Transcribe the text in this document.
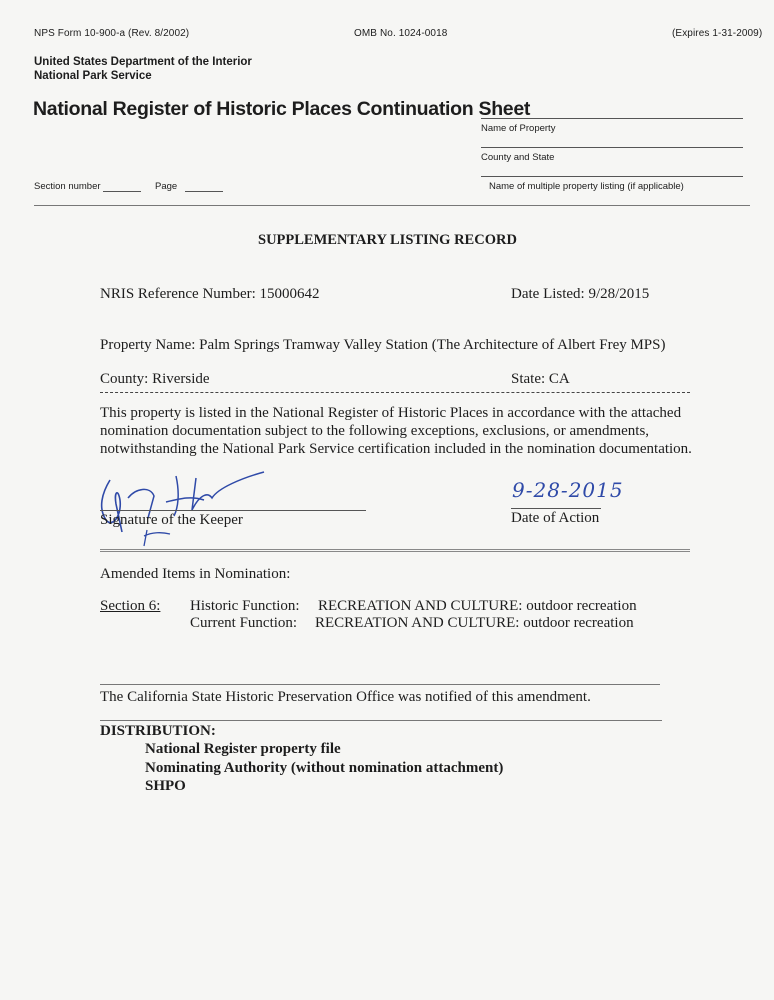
NPS Form 10-900-a (Rev. 8/2002)	OMB No. 1024-0018	(Expires 1-31-2009)
United States Department of the Interior
National Park Service
National Register of Historic Places Continuation Sheet
Name of Property
County and State
Name of multiple property listing (if applicable)
Section number	Page
SUPPLEMENTARY LISTING RECORD
NRIS Reference Number: 15000642	Date Listed: 9/28/2015
Property Name: Palm Springs Tramway Valley Station (The Architecture of Albert Frey MPS)
County: Riverside	State: CA
This property is listed in the National Register of Historic Places in accordance with the attached nomination documentation subject to the following exceptions, exclusions, or amendments, notwithstanding the National Park Service certification included in the nomination documentation.
Signature of the Keeper
9-28-2015
Date of Action
Amended Items in Nomination:
Section 6: Historic Function: RECREATION AND CULTURE: outdoor recreation
Current Function: RECREATION AND CULTURE: outdoor recreation
The California State Historic Preservation Office was notified of this amendment.
DISTRIBUTION:
National Register property file
Nominating Authority (without nomination attachment)
SHPO
